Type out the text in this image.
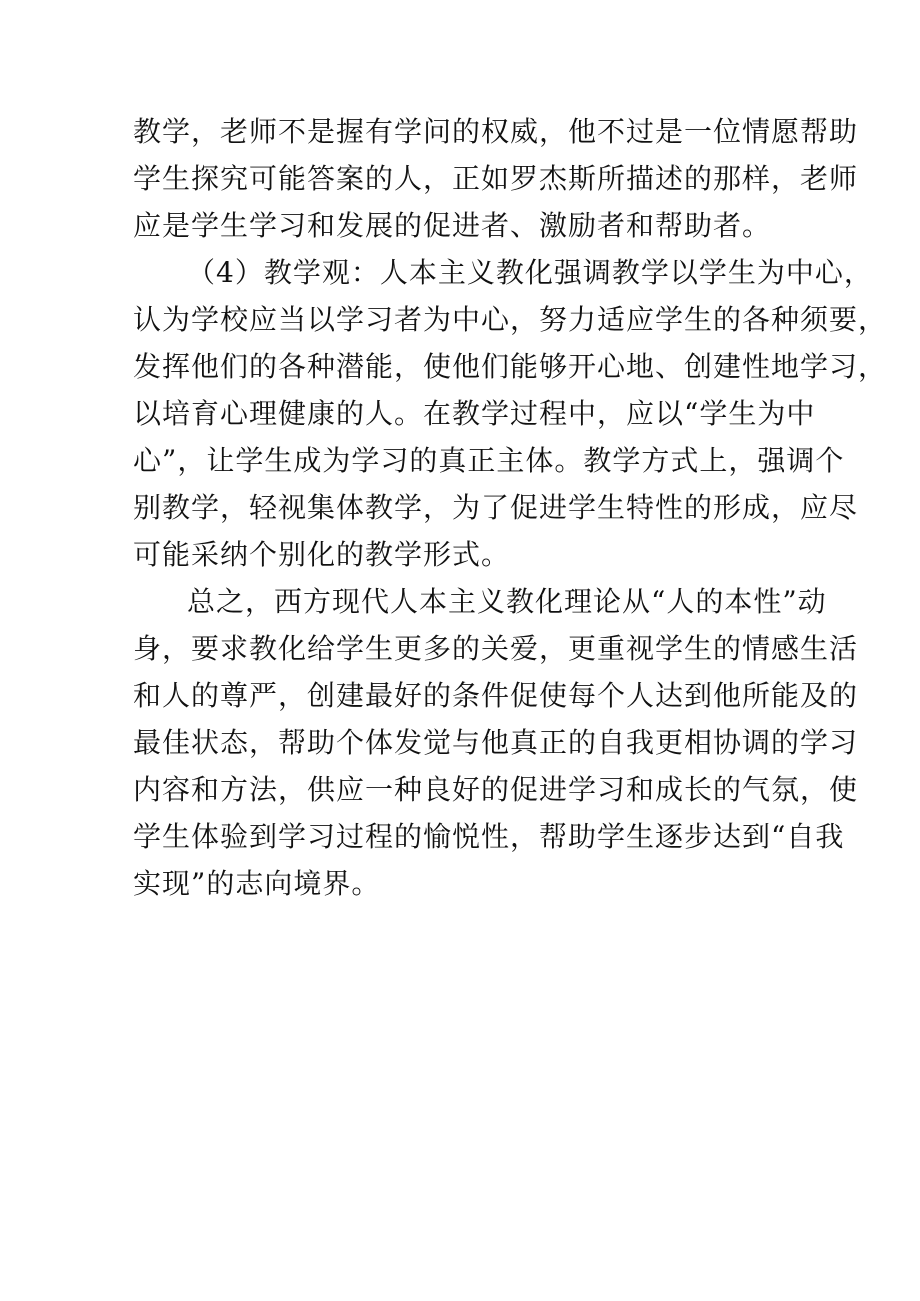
教学，老师不是握有学问的权威，他不过是一位情愿帮助
学生探究可能答案的人，正如罗杰斯所描述的那样，老师
应是学生学习和发展的促进者、激励者和帮助者。
（4）教学观：人本主义教化强调教学以学生为中心，
认为学校应当以学习者为中心，努力适应学生的各种须要，
发挥他们的各种潜能，使他们能够开心地、创建性地学习，
以培育心理健康的人。在教学过程中，应以“学生为中
心”，让学生成为学习的真正主体。教学方式上，强调个
别教学，轻视集体教学，为了促进学生特性的形成，应尽
可能采纳个别化的教学形式。
总之，西方现代人本主义教化理论从“人的本性”动
身，要求教化给学生更多的关爱，更重视学生的情感生活
和人的尊严，创建最好的条件促使每个人达到他所能及的
最佳状态，帮助个体发觉与他真正的自我更相协调的学习
内容和方法，供应一种良好的促进学习和成长的气氛，使
学生体验到学习过程的愉悦性，帮助学生逐步达到“自我
实现”的志向境界。
